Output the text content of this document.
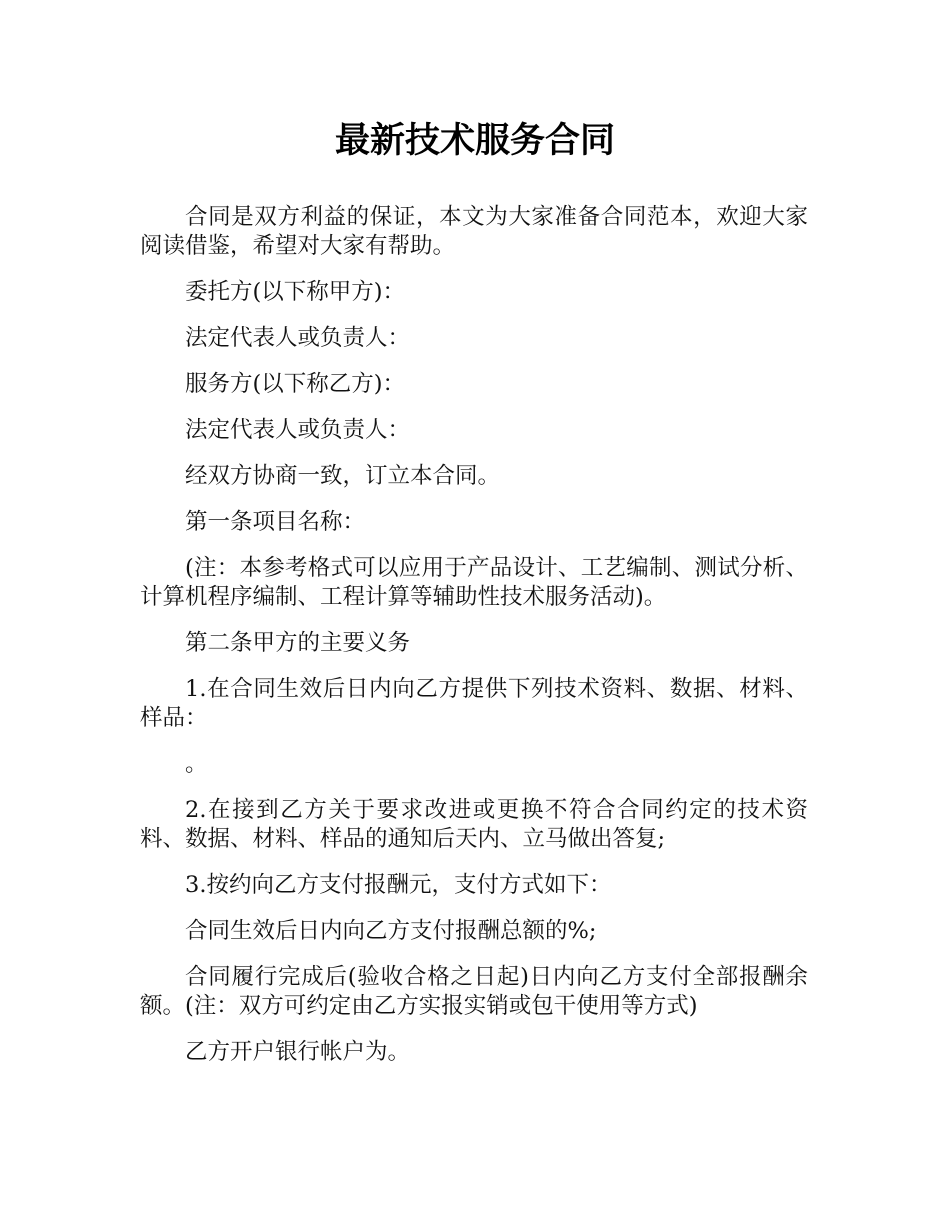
最新技术服务合同

合同是双方利益的保证，本文为大家准备合同范本，欢迎大家阅读借鉴，希望对大家有帮助。

委托方(以下称甲方)：

法定代表人或负责人：

服务方(以下称乙方)：

法定代表人或负责人：

经双方协商一致，订立本合同。

第一条项目名称：

(注：本参考格式可以应用于产品设计、工艺编制、测试分析、计算机程序编制、工程计算等辅助性技术服务活动)。

第二条甲方的主要义务

1.在合同生效后日内向乙方提供下列技术资料、数据、材料、样品：

。

2.在接到乙方关于要求改进或更换不符合合同约定的技术资料、数据、材料、样品的通知后天内、立马做出答复;

3.按约向乙方支付报酬元，支付方式如下：

合同生效后日内向乙方支付报酬总额的%;

合同履行完成后(验收合格之日起)日内向乙方支付全部报酬余额。(注：双方可约定由乙方实报实销或包干使用等方式)

乙方开户银行帐户为。
